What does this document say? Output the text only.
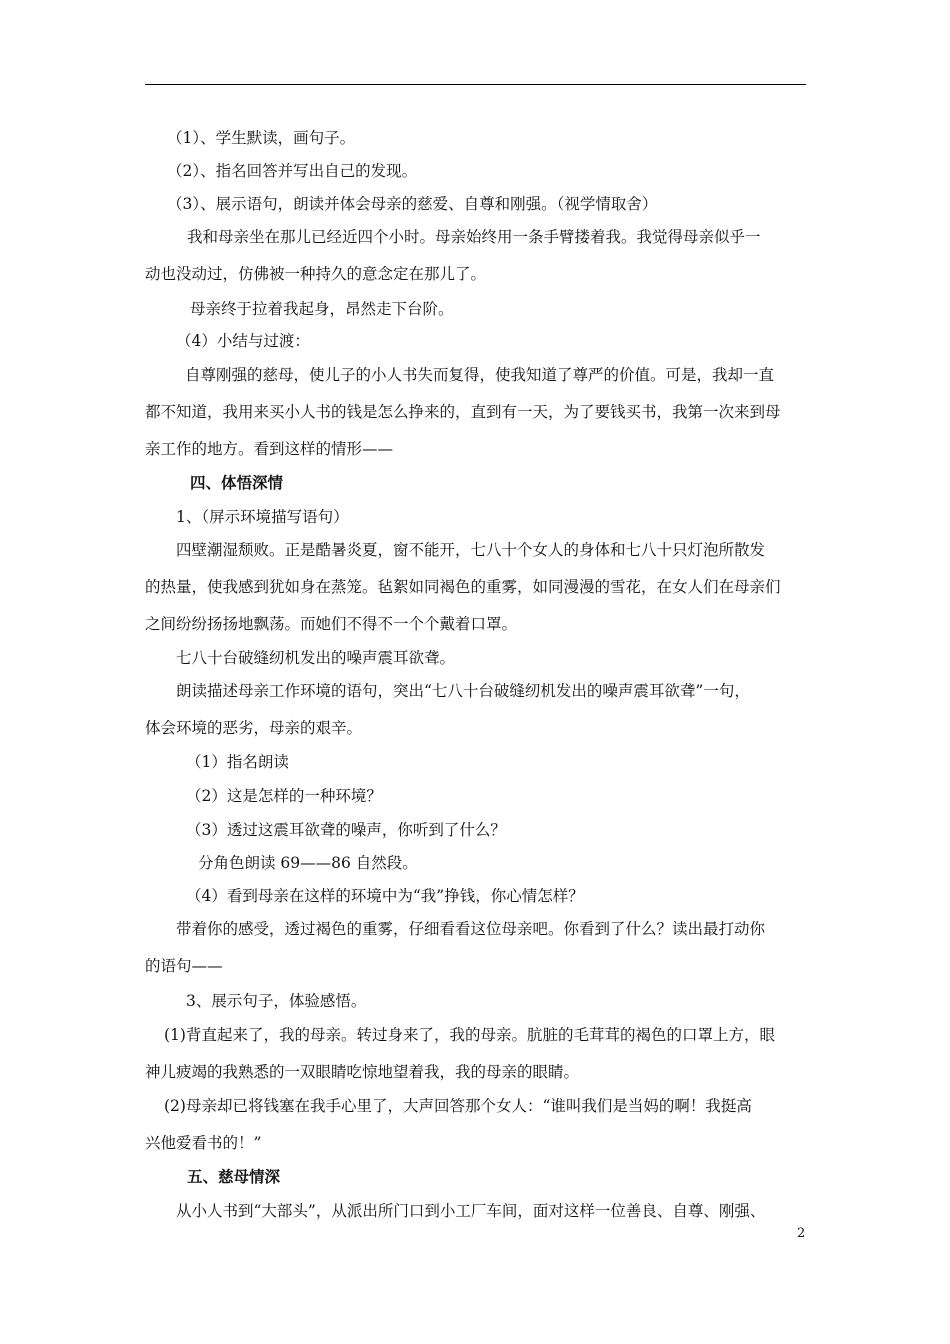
（1）、学生默读，画句子。
（2）、指名回答并写出自己的发现。
（3）、展示语句，朗读并体会母亲的慈爱、自尊和刚强。（视学情取舍）
我和母亲坐在那儿已经近四个小时。母亲始终用一条手臂搂着我。我觉得母亲似乎一
动也没动过，仿佛被一种持久的意念定在那儿了。
母亲终于拉着我起身，昂然走下台阶。
（4）小结与过渡：
自尊刚强的慈母，使儿子的小人书失而复得，使我知道了尊严的价值。可是，我却一直
都不知道，我用来买小人书的钱是怎么挣来的，直到有一天，为了要钱买书，我第一次来到母
亲工作的地方。看到这样的情形——
四、体悟深情
1、（屏示环境描写语句）
四壁潮湿颓败。正是酷暑炎夏，窗不能开，七八十个女人的身体和七八十只灯泡所散发
的热量，使我感到犹如身在蒸笼。毡絮如同褐色的重雾，如同漫漫的雪花，在女人们在母亲们
之间纷纷扬扬地飘荡。而她们不得不一个个戴着口罩。
七八十台破缝纫机发出的噪声震耳欲聋。
朗读描述母亲工作环境的语句，突出“七八十台破缝纫机发出的噪声震耳欲聋”一句，
体会环境的恶劣，母亲的艰辛。
（1）指名朗读
（2）这是怎样的一种环境？
（3）透过这震耳欲聋的噪声，你听到了什么？
分角色朗读 69——86 自然段。
（4）看到母亲在这样的环境中为“我”挣钱，你心情怎样？
带着你的感受，透过褐色的重雾，仔细看看这位母亲吧。你看到了什么？读出最打动你
的语句——
3、展示句子，体验感悟。
(1)背直起来了，我的母亲。转过身来了，我的母亲。肮脏的毛茸茸的褐色的口罩上方，眼
神儿疲竭的我熟悉的一双眼睛吃惊地望着我，我的母亲的眼睛。
(2)母亲却已将钱塞在我手心里了，大声回答那个女人：“谁叫我们是当妈的啊！我挺高
兴他爱看书的！”
五、慈母情深
从小人书到“大部头”，从派出所门口到小工厂车间，面对这样一位善良、自尊、刚强、
2
